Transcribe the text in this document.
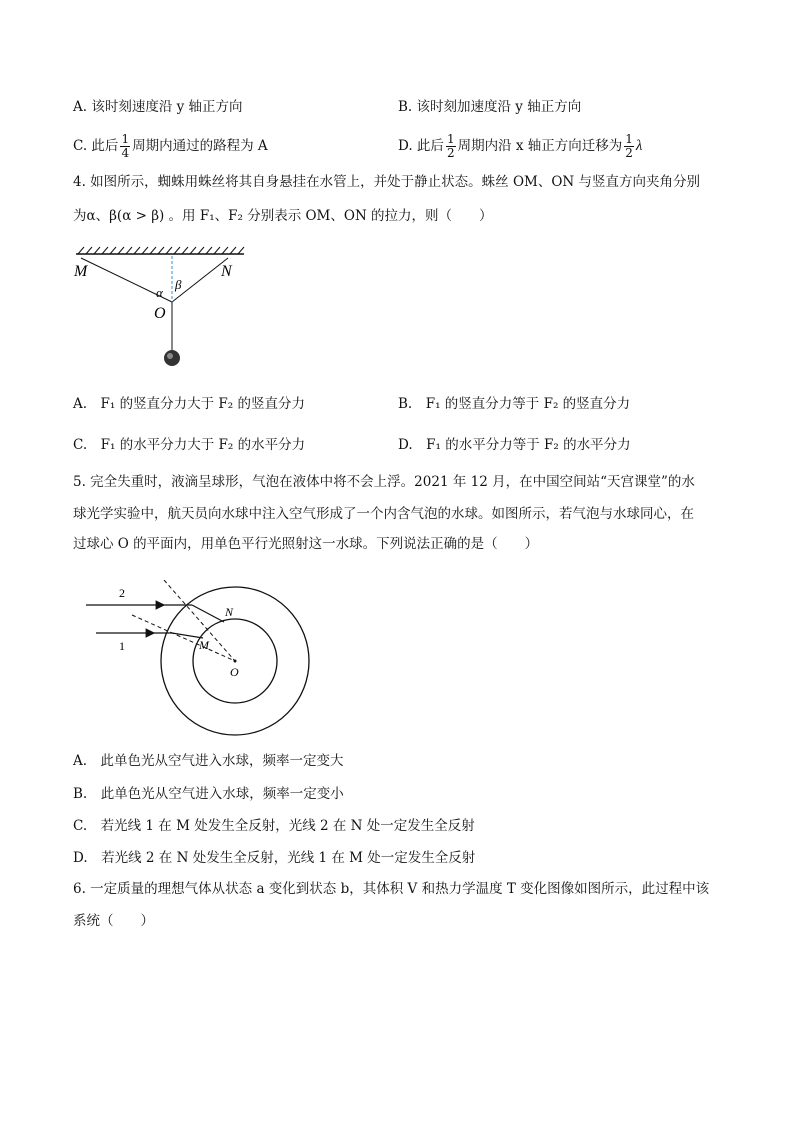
A. 该时刻速度沿 y 轴正方向	B. 该时刻加速度沿 y 轴正方向
C. 此后 $\frac{1}{4}$ 周期内通过的路程为 A	D. 此后 $\frac{1}{2}$ 周期内沿 x 轴正方向迁移为 $\frac{1}{2}$ λ
4. 如图所示，蜘蛛用蛛丝将其自身悬挂在水管上，并处于静止状态。蛛丝 OM、ON 与竖直方向夹角分别
为α、β(α > β) 。用 F₁、F₂ 分别表示 OM、ON 的拉力，则（　　）
M	N
O
α
β
A.　F₁ 的竖直分力大于 F₂ 的竖直分力	B.　F₁ 的竖直分力等于 F₂ 的竖直分力
C.　F₁ 的水平分力大于 F₂ 的水平分力	D.　F₁ 的水平分力等于 F₂ 的水平分力
5. 完全失重时，液滴呈球形，气泡在液体中将不会上浮。2021 年 12 月，在中国空间站“天宫课堂”的水
球光学实验中，航天员向水球中注入空气形成了一个内含气泡的水球。如图所示，若气泡与水球同心，在
过球心 O 的平面内，用单色平行光照射这一水球。下列说法正确的是（　　）
2
1
N
M
O
A.　此单色光从空气进入水球，频率一定变大
B.　此单色光从空气进入水球，频率一定变小
C.　若光线 1 在 M 处发生全反射，光线 2 在 N 处一定发生全反射
D.　若光线 2 在 N 处发生全反射，光线 1 在 M 处一定发生全反射
6. 一定质量的理想气体从状态 a 变化到状态 b，其体积 V 和热力学温度 T 变化图像如图所示，此过程中该
系统（　　）
